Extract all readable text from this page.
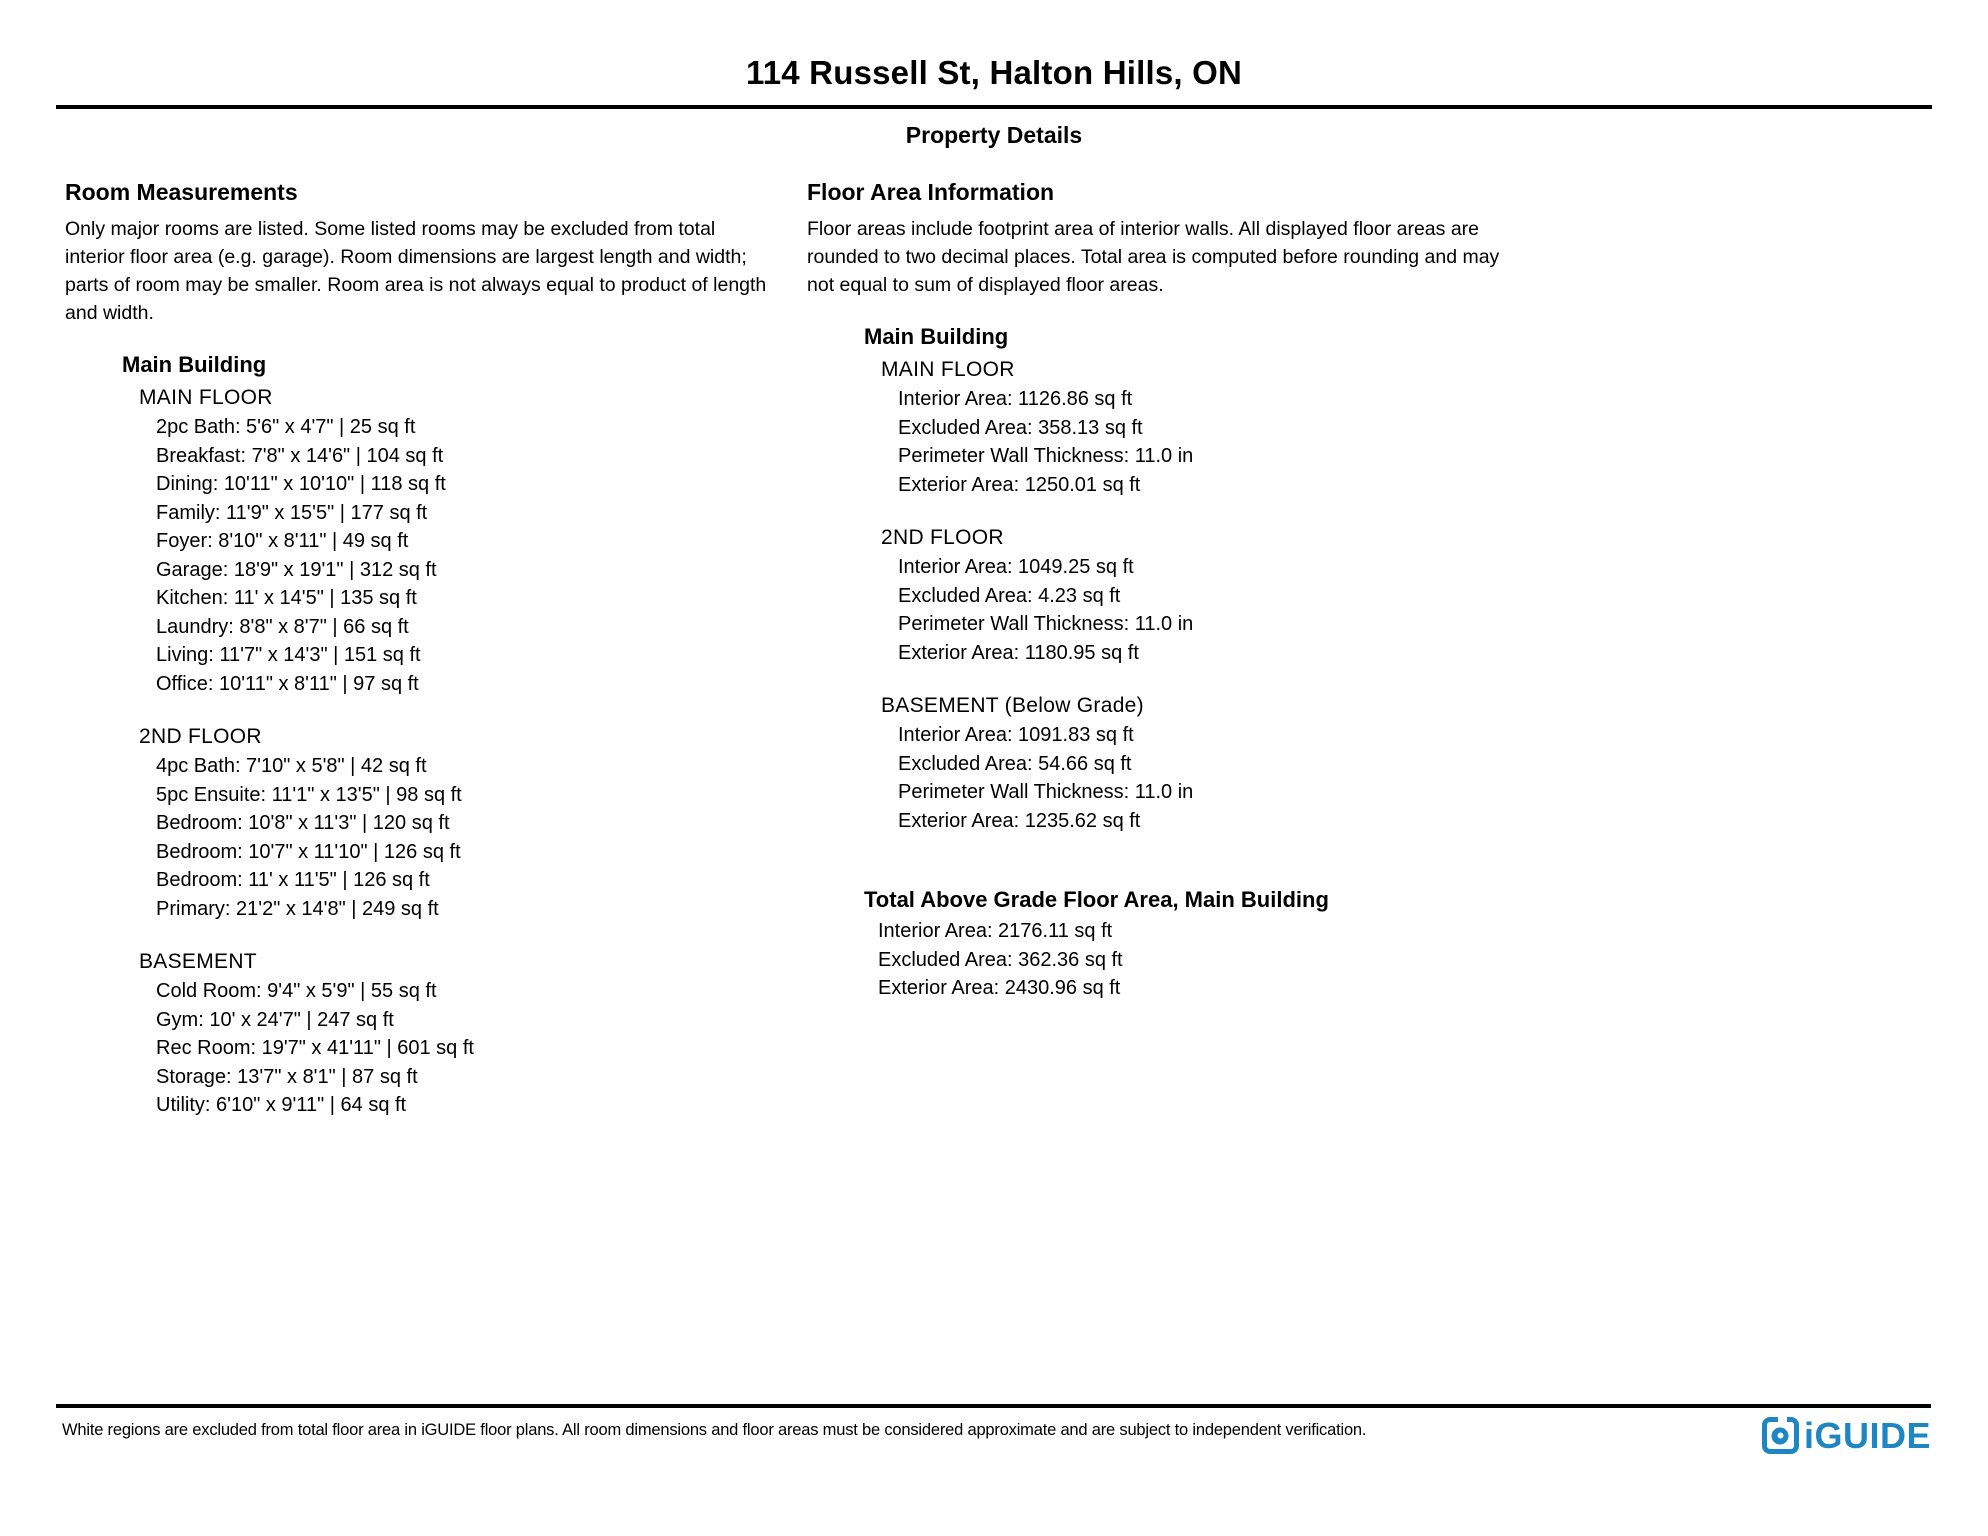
114 Russell St, Halton Hills, ON
Property Details
Room Measurements

Only major rooms are listed. Some listed rooms may be excluded from total interior floor area (e.g. garage). Room dimensions are largest length and width; parts of room may be smaller. Room area is not always equal to product of length and width.

Main Building
MAIN FLOOR
2pc Bath: 5'6" x 4'7" | 25 sq ft
Breakfast: 7'8" x 14'6" | 104 sq ft
Dining: 10'11" x 10'10" | 118 sq ft
Family: 11'9" x 15'5" | 177 sq ft
Foyer: 8'10" x 8'11" | 49 sq ft
Garage: 18'9" x 19'1" | 312 sq ft
Kitchen: 11' x 14'5" | 135 sq ft
Laundry: 8'8" x 8'7" | 66 sq ft
Living: 11'7" x 14'3" | 151 sq ft
Office: 10'11" x 8'11" | 97 sq ft
2ND FLOOR
4pc Bath: 7'10" x 5'8" | 42 sq ft
5pc Ensuite: 11'1" x 13'5" | 98 sq ft
Bedroom: 10'8" x 11'3" | 120 sq ft
Bedroom: 10'7" x 11'10" | 126 sq ft
Bedroom: 11' x 11'5" | 126 sq ft
Primary: 21'2" x 14'8" | 249 sq ft
BASEMENT
Cold Room: 9'4" x 5'9" | 55 sq ft
Gym: 10' x 24'7" | 247 sq ft
Rec Room: 19'7" x 41'11" | 601 sq ft
Storage: 13'7" x 8'1" | 87 sq ft
Utility: 6'10" x 9'11" | 64 sq ft
Floor Area Information

Floor areas include footprint area of interior walls. All displayed floor areas are rounded to two decimal places. Total area is computed before rounding and may not equal to sum of displayed floor areas.

Main Building
MAIN FLOOR
Interior Area: 1126.86 sq ft
Excluded Area: 358.13 sq ft
Perimeter Wall Thickness: 11.0 in
Exterior Area: 1250.01 sq ft
2ND FLOOR
Interior Area: 1049.25 sq ft
Excluded Area: 4.23 sq ft
Perimeter Wall Thickness: 11.0 in
Exterior Area: 1180.95 sq ft
BASEMENT (Below Grade)
Interior Area: 1091.83 sq ft
Excluded Area: 54.66 sq ft
Perimeter Wall Thickness: 11.0 in
Exterior Area: 1235.62 sq ft
Total Above Grade Floor Area, Main Building
Interior Area: 2176.11 sq ft
Excluded Area: 362.36 sq ft
Exterior Area: 2430.96 sq ft

White regions are excluded from total floor area in iGUIDE floor plans. All room dimensions and floor areas must be considered approximate and are subject to independent verification.	iGUIDE
